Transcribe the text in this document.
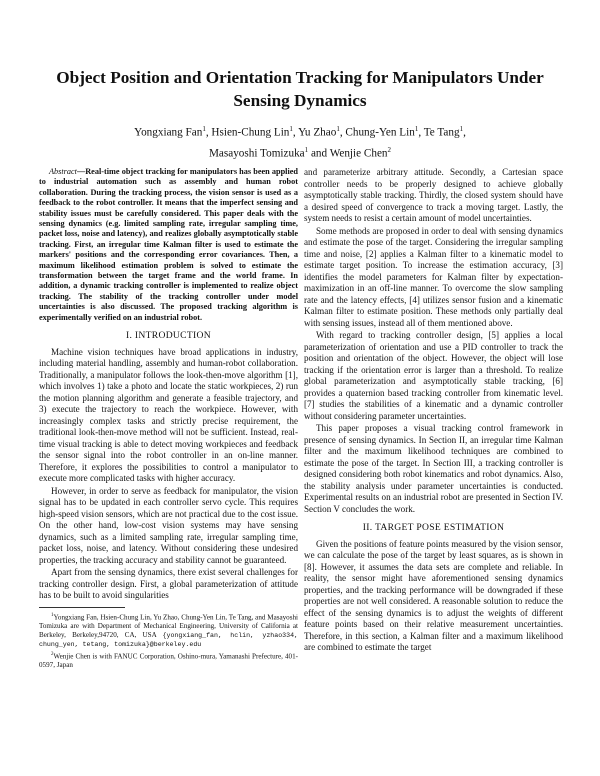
Object Position and Orientation Tracking for Manipulators Under Sensing Dynamics
Yongxiang Fan$^1$, Hsien-Chung Lin$^1$, Yu Zhao$^1$, Chung-Yen Lin$^1$, Te Tang$^1$,
Masayoshi Tomizuka$^1$ and Wenjie Chen$^2$

Abstract—Real-time object tracking for manipulators has been applied to industrial automation such as assembly and human robot collaboration. During the tracking process, the vision sensor is used as a feedback to the robot controller. It means that the imperfect sensing and stability issues must be carefully considered. This paper deals with the sensing dynamics (e.g. limited sampling rate, irregular sampling time, packet loss, noise and latency), and realizes globally asymptotically stable tracking. First, an irregular time Kalman filter is used to estimate the markers' positions and the corresponding error covariances. Then, a maximum likelihood estimation problem is solved to estimate the transformation between the target frame and the world frame. In addition, a dynamic tracking controller is implemented to realize object tracking. The stability of the tracking controller under model uncertainties is also discussed. The proposed tracking algorithm is experimentally verified on an industrial robot.

I. INTRODUCTION

Machine vision techniques have broad applications in industry, including material handling, assembly and human-robot collaboration. Traditionally, a manipulator follows the look-then-move algorithm [1], which involves 1) take a photo and locate the static workpieces, 2) run the motion planning algorithm and generate a feasible trajectory, and 3) execute the trajectory to reach the workpiece. However, with increasingly complex tasks and strictly precise requirement, the traditional look-then-move method will not be sufficient. Instead, real-time visual tracking is able to detect moving workpieces and feedback the sensor signal into the robot controller in an on-line manner. Therefore, it explores the possibilities to control a manipulator to execute more complicated tasks with higher accuracy.

However, in order to serve as feedback for manipulator, the vision signal has to be updated in each controller servo cycle. This requires high-speed vision sensors, which are not practical due to the cost issue. On the other hand, low-cost vision systems may have sensing dynamics, such as a limited sampling rate, irregular sampling time, packet loss, noise, and latency. Without considering these undesired properties, the tracking accuracy and stability cannot be guaranteed.

Apart from the sensing dynamics, there exist several challenges for tracking controller design. First, a global parameterization of attitude has to be built to avoid singularities

$^1$Yongxiang Fan, Hsien-Chung Lin, Yu Zhao, Chung-Yen Lin, Te Tang, and Masayoshi Tomizuka are with Department of Mechanical Engineering, University of California at Berkeley, Berkeley,94720, CA, USA {yongxiang_fan, hclin, yzhao334, chung_yen, tetang, tomizuka}@berkeley.edu

$^2$Wenjie Chen is with FANUC Corporation, Oshino-mura, Yamanashi Prefecture, 401-0597, Japan

and parameterize arbitrary attitude. Secondly, a Cartesian space controller needs to be properly designed to achieve globally asymptotically stable tracking. Thirdly, the closed system should have a desired speed of convergence to track a moving target. Lastly, the system needs to resist a certain amount of model uncertainties.

Some methods are proposed in order to deal with sensing dynamics and estimate the pose of the target. Considering the irregular sampling time and noise, [2] applies a Kalman filter to a kinematic model to estimate target position. To increase the estimation accuracy, [3] identifies the model parameters for Kalman filter by expectation-maximization in an off-line manner. To overcome the slow sampling rate and the latency effects, [4] utilizes sensor fusion and a kinematic Kalman filter to estimate position. These methods only partially deal with sensing issues, instead all of them mentioned above.

With regard to tracking controller design, [5] applies a local parameterization of orientation and use a PID controller to track the position and orientation of the object. However, the object will lose tracking if the orientation error is larger than a threshold. To realize global parameterization and asymptotically stable tracking, [6] provides a quaternion based tracking controller from kinematic level. [7] studies the stabilities of a kinematic and a dynamic controller without considering parameter uncertainties.

This paper proposes a visual tracking control framework in presence of sensing dynamics. In Section II, an irregular time Kalman filter and the maximum likelihood techniques are combined to estimate the pose of the target. In Section III, a tracking controller is designed considering both robot kinematics and robot dynamics. Also, the stability analysis under parameter uncertainties is conducted. Experimental results on an industrial robot are presented in Section IV. Section V concludes the work.

II. TARGET POSE ESTIMATION

Given the positions of feature points measured by the vision sensor, we can calculate the pose of the target by least squares, as is shown in [8]. However, it assumes the data sets are complete and reliable. In reality, the sensor might have aforementioned sensing dynamics properties, and the tracking performance will be downgraded if these properties are not well considered. A reasonable solution to reduce the effect of the sensing dynamics is to adjust the weights of different feature points based on their relative measurement uncertainties. Therefore, in this section, a Kalman filter and a maximum likelihood are combined to estimate the target
